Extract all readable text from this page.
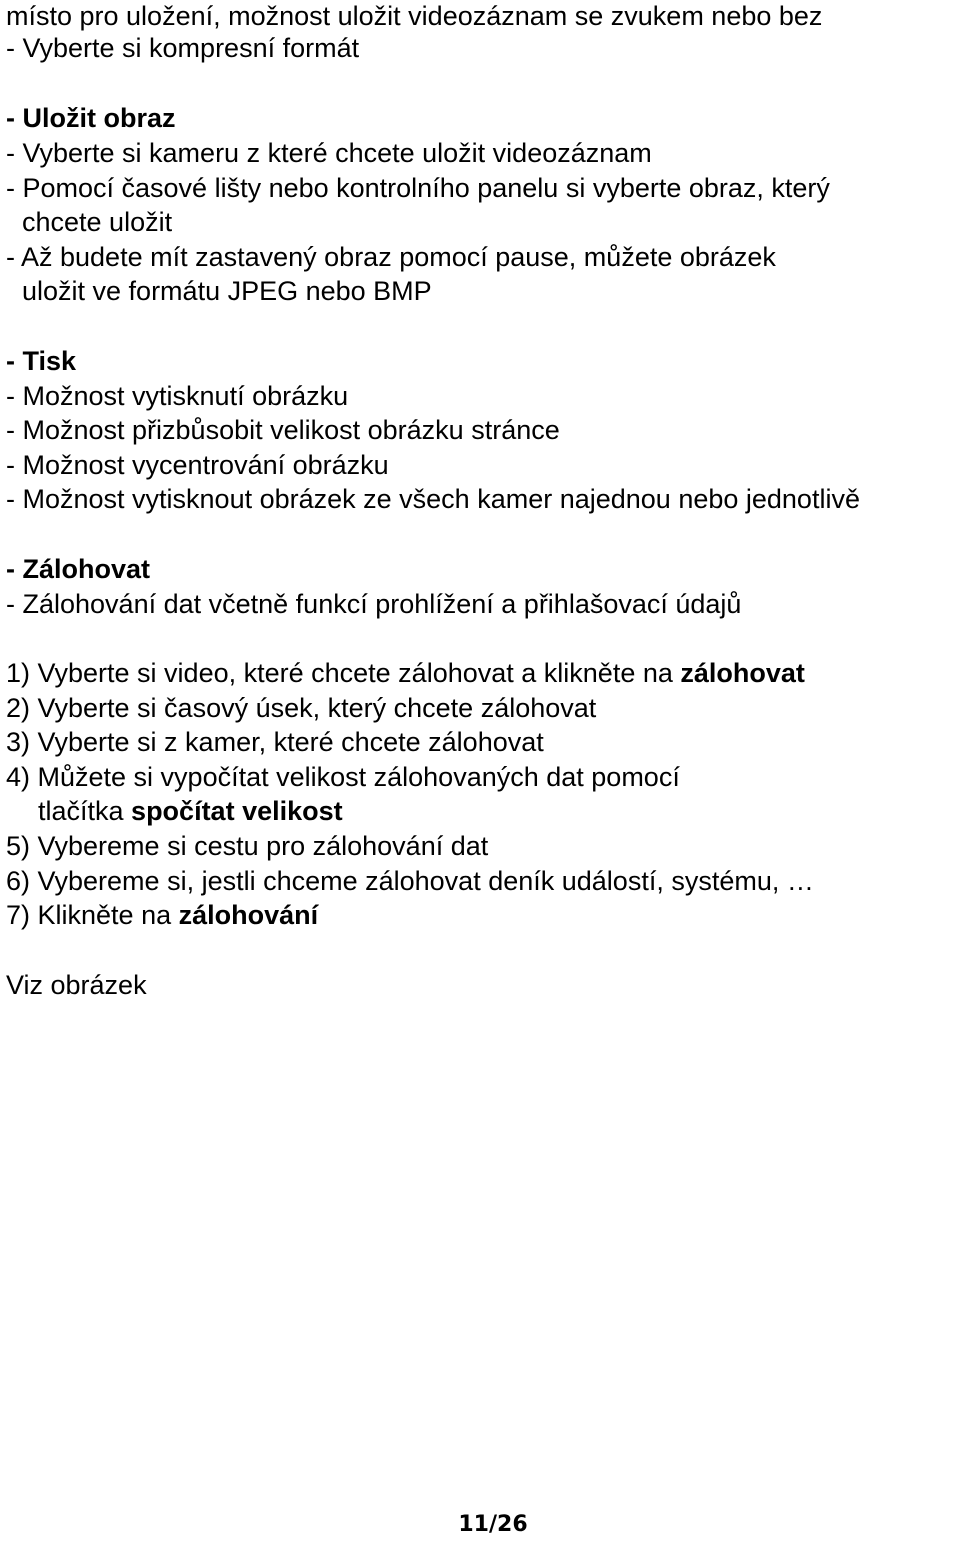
místo pro uložení, možnost uložit videozáznam se zvukem nebo bez
- Vyberte si kompresní formát
- Uložit obraz
- Vyberte si kameru z které chcete uložit videozáznam
- Pomocí časové lišty nebo kontrolního panelu si vyberte obraz, který
chcete uložit
- Až budete mít zastavený obraz pomocí pause, můžete obrázek
uložit ve formátu JPEG nebo BMP
- Tisk
- Možnost vytisknutí obrázku
- Možnost přizbůsobit velikost obrázku stránce
- Možnost vycentrování obrázku
- Možnost vytisknout obrázek ze všech kamer najednou nebo jednotlivě
- Zálohovat
- Zálohování dat včetně funkcí prohlížení a přihlašovací údajů
1) Vyberte si video, které chcete zálohovat a klikněte na zálohovat
2) Vyberte si časový úsek, který chcete zálohovat
3) Vyberte si z kamer, které chcete zálohovat
4) Můžete si vypočítat velikost zálohovaných dat pomocí
tlačítka spočítat velikost
5) Vybereme si cestu pro zálohování dat
6) Vybereme si, jestli chceme zálohovat deník událostí, systému, …
7) Klikněte na zálohování
Viz obrázek
11/26
